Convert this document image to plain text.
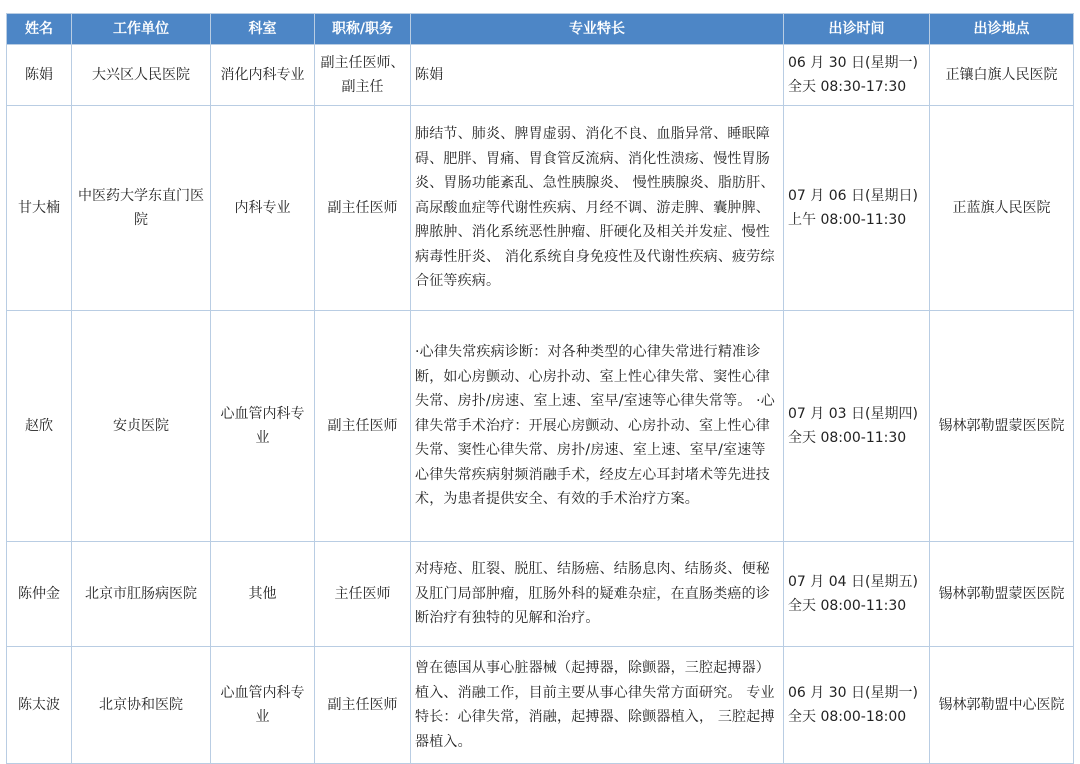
姓名	工作单位	科室	职称/职务	专业特长	出诊时间	出诊地点
陈娟	大兴区人民医院	消化内科专业	副主任医师、副主任	陈娟	06 月 30 日(星期一)
全天 08:30-17:30	正镶白旗人民医院
甘大楠	中医药大学东直门医院	内科专业	副主任医师	肺结节、肺炎、脾胃虚弱、消化不良、血脂异常、睡眠障碍、肥胖、胃痛、胃食管反流病、消化性溃疡、慢性胃肠炎、胃肠功能紊乱、急性胰腺炎、 慢性胰腺炎、脂肪肝、高尿酸血症等代谢性疾病、月经不调、游走脾、囊肿脾、 脾脓肿、消化系统恶性肿瘤、肝硬化及相关并发症、慢性病毒性肝炎、 消化系统自身免疫性及代谢性疾病、疲劳综合征等疾病。	07 月 06 日(星期日)
上午 08:00-11:30	正蓝旗人民医院
赵欣	安贞医院	心血管内科专业	副主任医师	·心律失常疾病诊断：对各种类型的心律失常进行精准诊断，如心房颤动、心房扑动、室上性心律失常、窦性心律失常、房扑/房速、室上速、室早/室速等心律失常等。 ·心律失常手术治疗：开展心房颤动、心房扑动、室上性心律失常、窦性心律失常、房扑/房速、室上速、室早/室速等心律失常疾病射频消融手术，经皮左心耳封堵术等先进技术，为患者提供安全、有效的手术治疗方案。	07 月 03 日(星期四)
全天 08:00-11:30	锡林郭勒盟蒙医医院
陈仲金	北京市肛肠病医院	其他	主任医师	对痔疮、肛裂、脱肛、结肠癌、结肠息肉、结肠炎、便秘及肛门局部肿瘤，肛肠外科的疑难杂症，在直肠类癌的诊断治疗有独特的见解和治疗。	07 月 04 日(星期五)
全天 08:00-11:30	锡林郭勒盟蒙医医院
陈太波	北京协和医院	心血管内科专业	副主任医师	曾在德国从事心脏器械（起搏器，除颤器，三腔起搏器）植入、消融工作，目前主要从事心律失常方面研究。 专业特长：心律失常，消融，起搏器、除颤器植入， 三腔起搏器植入。	06 月 30 日(星期一)
全天 08:00-18:00	锡林郭勒盟中心医院
